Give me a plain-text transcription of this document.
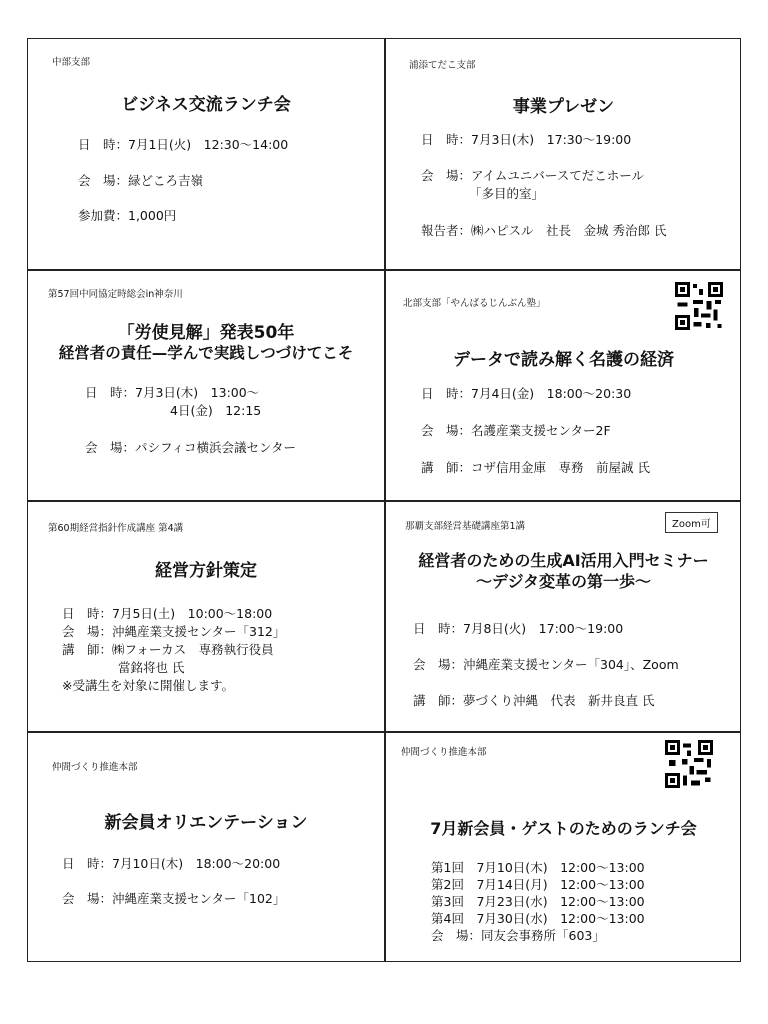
中部支部
ビジネス交流ランチ会
日　時：7月1日(火)　12:30～14:00
会　場：緑どころ吉嶺
参加費：1,000円
浦添てだこ支部
事業プレゼン
日　時：7月3日(木)　17:30～19:00
会　場：アイムユニバースてだこホール
「多目的室」
報告者：㈱ハピスル　社長　金城 秀治郎 氏
第57回中同協定時総会in神奈川
「労使見解」発表50年
経営者の責任—学んで実践しつづけてこそ
日　時：7月3日(木)　13:00～
4日(金)　12:15
会　場：パシフィコ横浜会議センター
北部支部「やんばるじんぶん塾」
データで読み解く名護の経済
日　時：7月4日(金)　18:00～20:30
会　場：名護産業支援センター2F
講　師：コザ信用金庫　専務　前屋誠 氏
第60期経営指針作成講座 第4講
経営方針策定
日　時：7月5日(土)　10:00～18:00
会　場：沖縄産業支援センター「312」
講　師：㈱フォーカス　専務執行役員
當銘将也 氏
※受講生を対象に開催します。
那覇支部経営基礎講座第1講	Zoom可
経営者のための生成AI活用入門セミナー
～デジタ変革の第一歩～
日　時：7月8日(火)　17:00～19:00
会　場：沖縄産業支援センター「304」、Zoom
講　師：夢づくり沖縄　代表　新井良直 氏
仲間づくり推進本部
新会員オリエンテーション
日　時：7月10日(木)　18:00～20:00
会　場：沖縄産業支援センター「102」
仲間づくり推進本部
7月新会員・ゲストのためのランチ会
第1回　7月10日(木)　12:00～13:00
第2回　7月14日(月)　12:00～13:00
第3回　7月23日(水)　12:00～13:00
第4回　7月30日(水)　12:00～13:00
会　場：同友会事務所「603」
